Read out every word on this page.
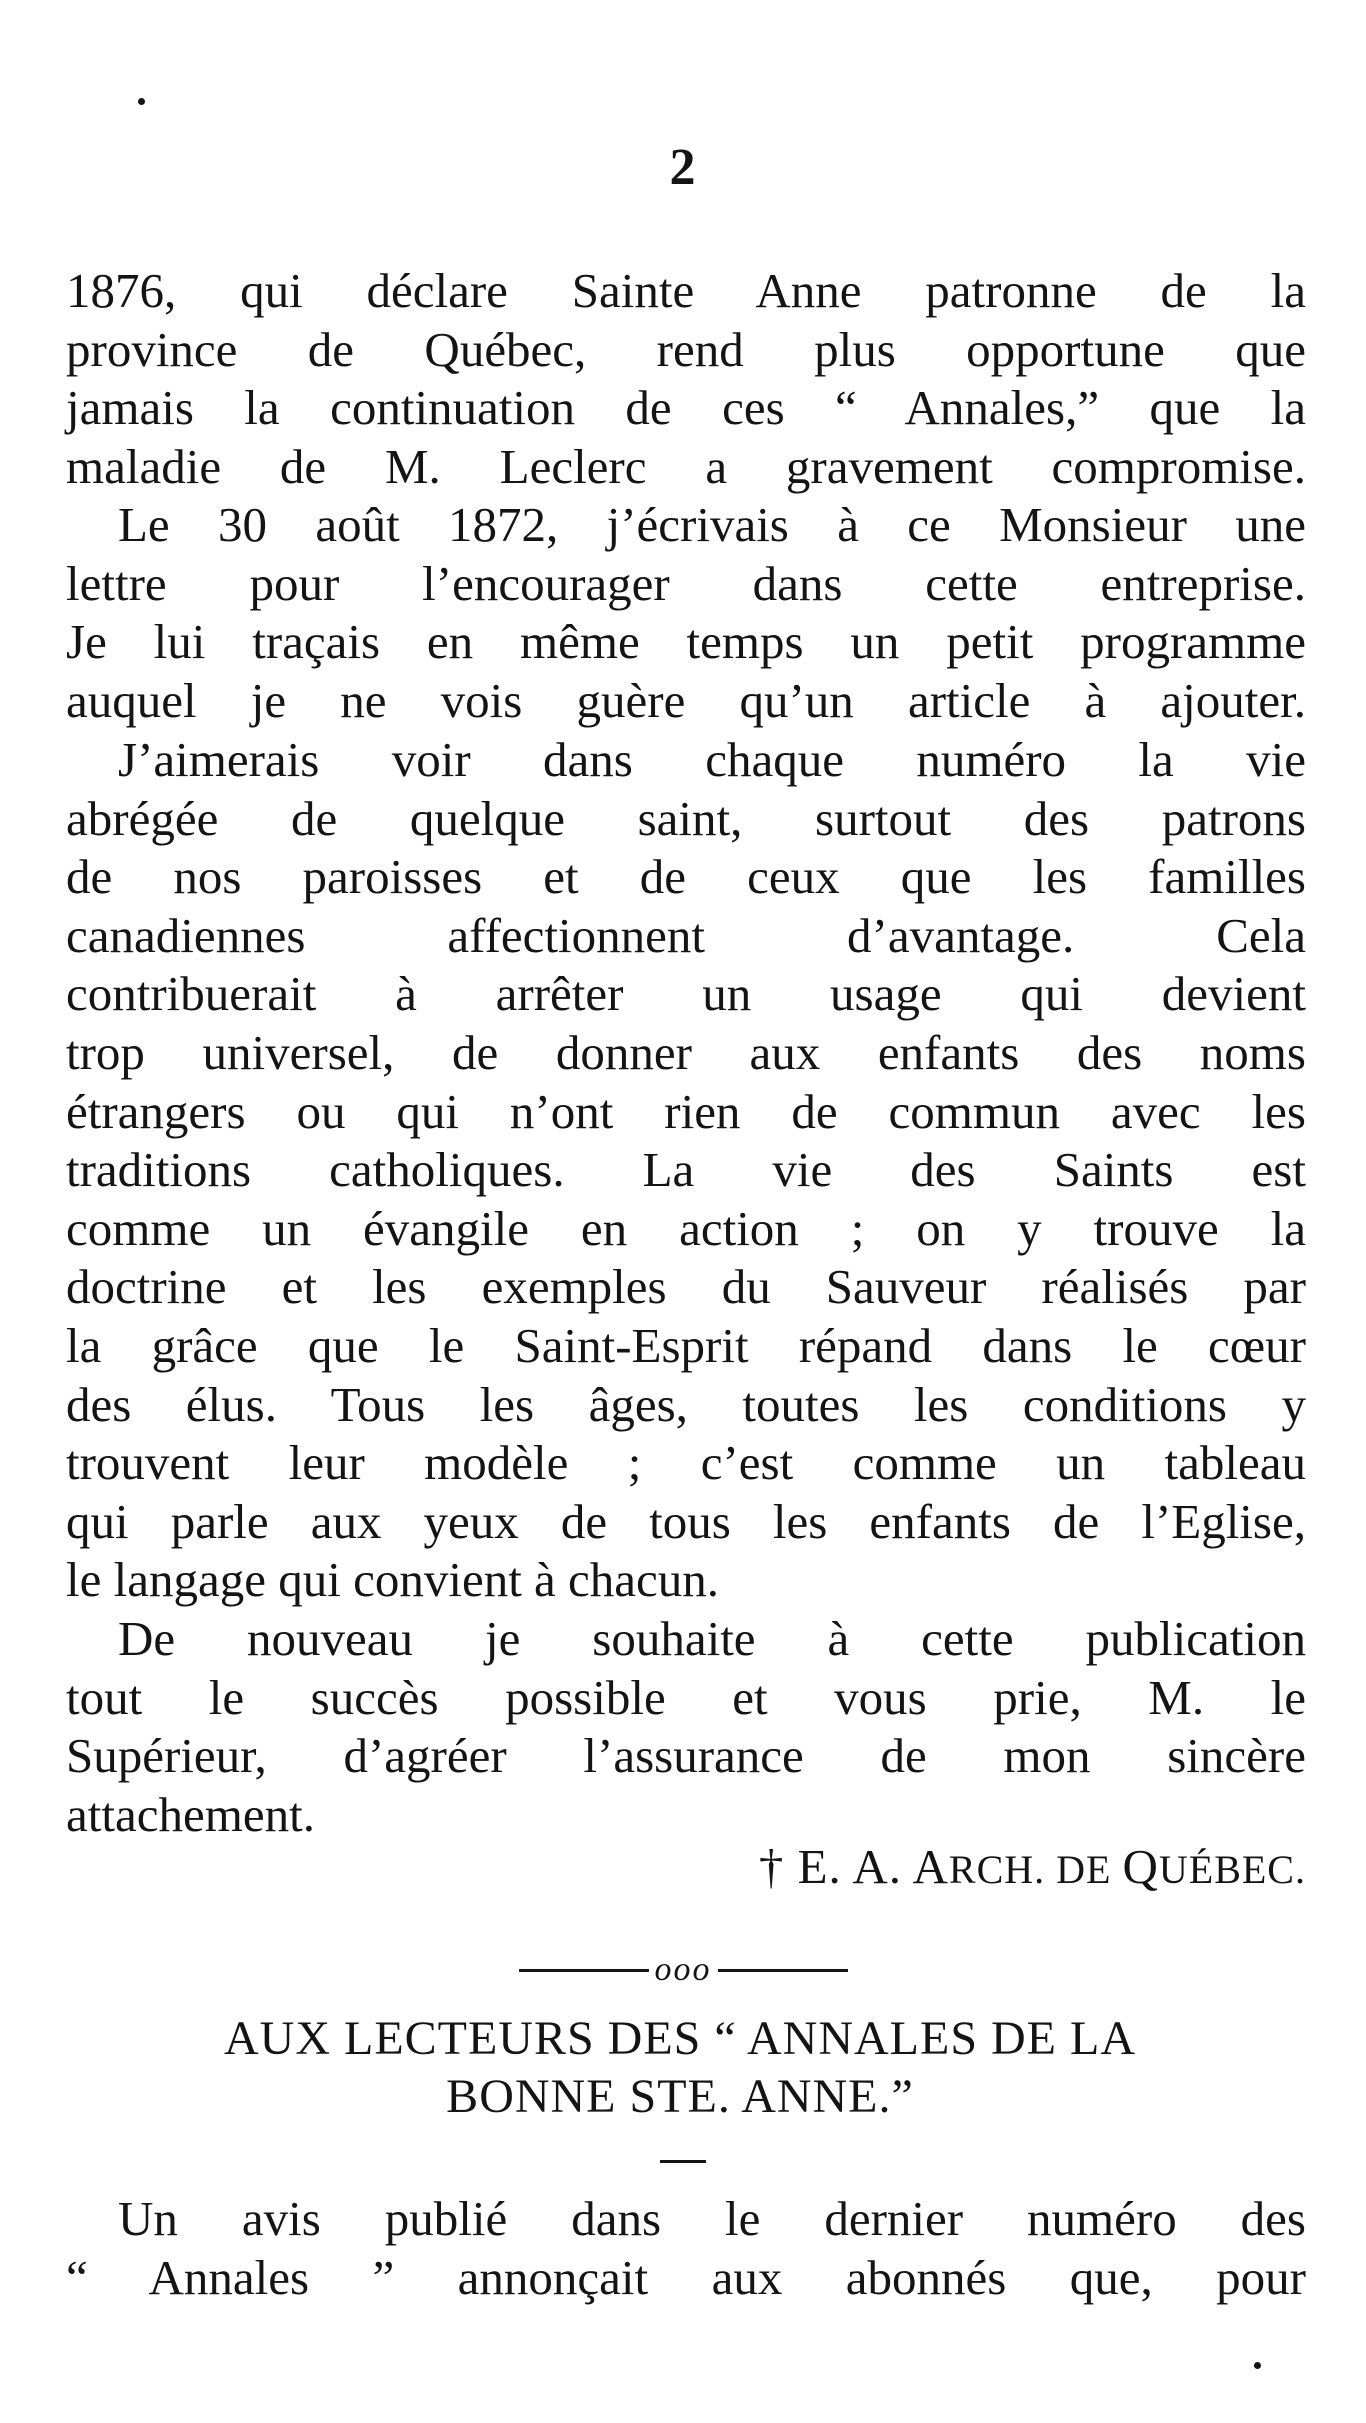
2
1876, qui déclare Sainte Anne patronne de la
province de Québec, rend plus opportune que
jamais la continuation de ces “ Annales,” que la
maladie de M. Leclerc a gravement compromise.
Le 30 août 1872, j’écrivais à ce Monsieur une
lettre pour l’encourager dans cette entreprise.
Je lui traçais en même temps un petit programme
auquel je ne vois guère qu’un article à ajouter.
J’aimerais voir dans chaque numéro la vie
abrégée de quelque saint, surtout des patrons
de nos paroisses et de ceux que les familles
canadiennes affectionnent d’avantage. Cela
contribuerait à arrêter un usage qui devient
trop universel, de donner aux enfants des noms
étrangers ou qui n’ont rien de commun avec les
traditions catholiques. La vie des Saints est
comme un évangile en action ; on y trouve la
doctrine et les exemples du Sauveur réalisés par
la grâce que le Saint-Esprit répand dans le cœur
des élus. Tous les âges, toutes les conditions y
trouvent leur modèle ; c’est comme un tableau
qui parle aux yeux de tous les enfants de l’Eglise,
le langage qui convient à chacun.
De nouveau je souhaite à cette publication
tout le succès possible et vous prie, M. le
Supérieur, d’agréer l’assurance de mon sincère
attachement.
† E. A. ARCH. DE QUÉBEC.
ooo
AUX LECTEURS DES “ ANNALES DE LA
BONNE STE. ANNE.”
Un avis publié dans le dernier numéro des
“ Annales ” annonçait aux abonnés que, pour
